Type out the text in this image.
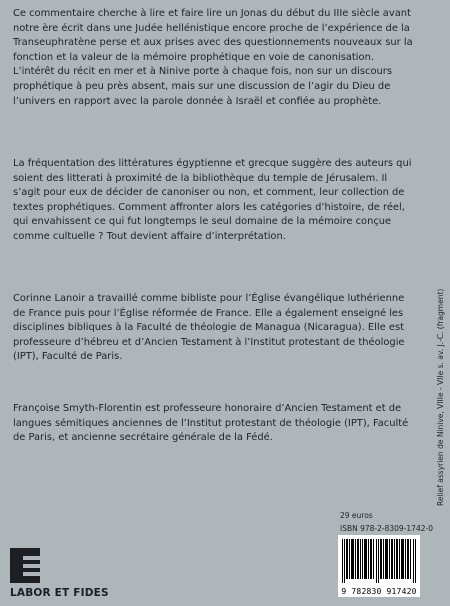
Ce commentaire cherche à lire et faire lire un Jonas du début du IIIe siècle avant notre ère écrit dans une Judée hellénistique encore proche de l’expérience de la Transeuphratène perse et aux prises avec des questionnements nouveaux sur la fonction et la valeur de la mémoire prophétique en voie de canonisation. L’intérêt du récit en mer et à Ninive porte à chaque fois, non sur un discours prophétique à peu près absent, mais sur une discussion de l’agir du Dieu de l’univers en rapport avec la parole donnée à Israël et confiée au prophète.

La fréquentation des littératures égyptienne et grecque suggère des auteurs qui soient des litterati à proximité de la bibliothèque du temple de Jérusalem. Il s’agit pour eux de décider de canoniser ou non, et comment, leur collection de textes prophétiques. Comment affronter alors les catégories d’histoire, de réel, qui envahissent ce qui fut longtemps le seul domaine de la mémoire conçue comme cultuelle ? Tout devient affaire d’interprétation.

Corinne Lanoir a travaillé comme bibliste pour l’Église évangélique luthérienne de France puis pour l’Église réformée de France. Elle a également enseigné les disciplines bibliques à la Faculté de théologie de Managua (Nicaragua). Elle est professeure d’hébreu et d’Ancien Testament à l’Institut protestant de théologie (IPT), Faculté de Paris.

Françoise Smyth-Florentin est professeure honoraire d’Ancien Testament et de langues sémitiques anciennes de l’Institut protestant de théologie (IPT), Faculté de Paris, et ancienne secrétaire générale de la Fédé.	Relief assyrien de Ninive, VIIIe - VIIe s. av. J.-C. (fragment)
29 euros
ISBN 978-2-8309-1742-0
9 782830 917420
LABOR ET FIDES
